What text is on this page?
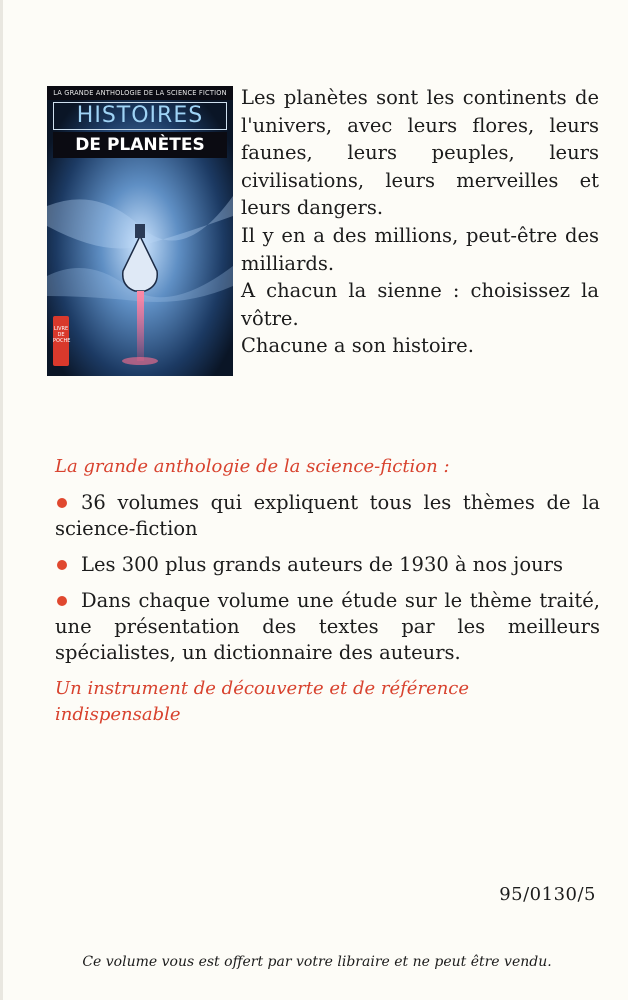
LA GRANDE ANTHOLOGIE DE LA SCIENCE FICTION
HISTOIRES
DE PLANÈTES
LIVRE DE POCHE

Les planètes sont les continents de l'univers, avec leurs flores, leurs faunes, leurs peuples, leurs civilisations, leurs merveilles et leurs dangers.

Il y en a des millions, peut-être des milliards.

A chacun la sienne : choisissez la vôtre.

Chacune a son histoire.

La grande anthologie de la science-fiction :
36 volumes qui expliquent tous les thèmes de la science-fiction
Les 300 plus grands auteurs de 1930 à nos jours
Dans chaque volume une étude sur le thème traité, une présentation des textes par les meilleurs spécialistes, un dictionnaire des auteurs.
Un instrument de découverte et de référence indispensable
95/0130/5
Ce volume vous est offert par votre libraire et ne peut être vendu.
